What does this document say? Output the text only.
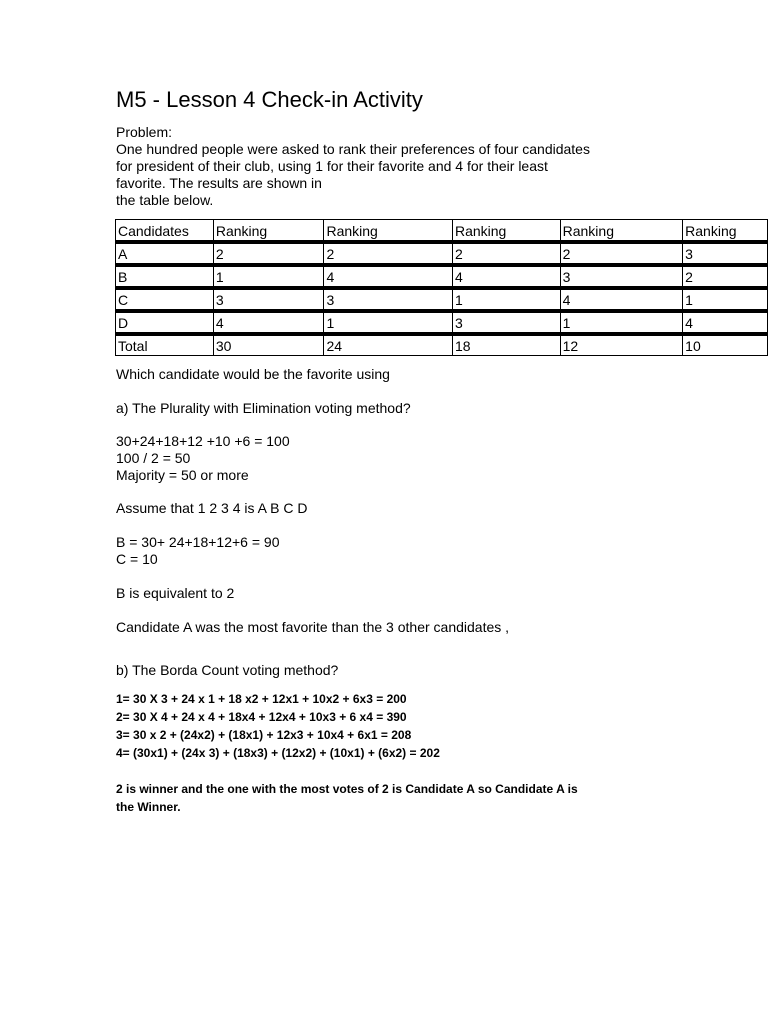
M5 - Lesson 4 Check-in Activity
Problem:
One hundred people were asked to rank their preferences of four candidates
for president of their club, using 1 for their favorite and 4 for their least
favorite. The results are shown in
the table below.
Candidates	Ranking	Ranking	Ranking	Ranking	Ranking
A	2	2	2	2	3
B	1	4	4	3	2
C	3	3	1	4	1
D	4	1	3	1	4
Total	30	24	18	12	10
Which candidate would be the favorite using
a) The Plurality with Elimination voting method?
30+24+18+12 +10 +6 = 100
100 / 2 = 50
Majority = 50 or more
Assume that 1 2 3 4 is A B C D
B = 30+ 24+18+12+6 = 90
C = 10
B is equivalent to 2
Candidate A was the most favorite than the 3 other candidates ,
b) The Borda Count voting method?
1= 30 X 3 + 24 x 1 + 18 x2 + 12x1 + 10x2 + 6x3 = 200
2= 30 X 4 + 24 x 4 + 18x4 + 12x4 + 10x3 + 6 x4 = 390
3= 30 x 2 + (24x2) + (18x1) + 12x3 + 10x4 + 6x1 = 208
4= (30x1) + (24x 3) + (18x3) + (12x2) + (10x1) + (6x2) = 202
2 is winner and the one with the most votes of 2 is Candidate A so Candidate A is
the Winner.
